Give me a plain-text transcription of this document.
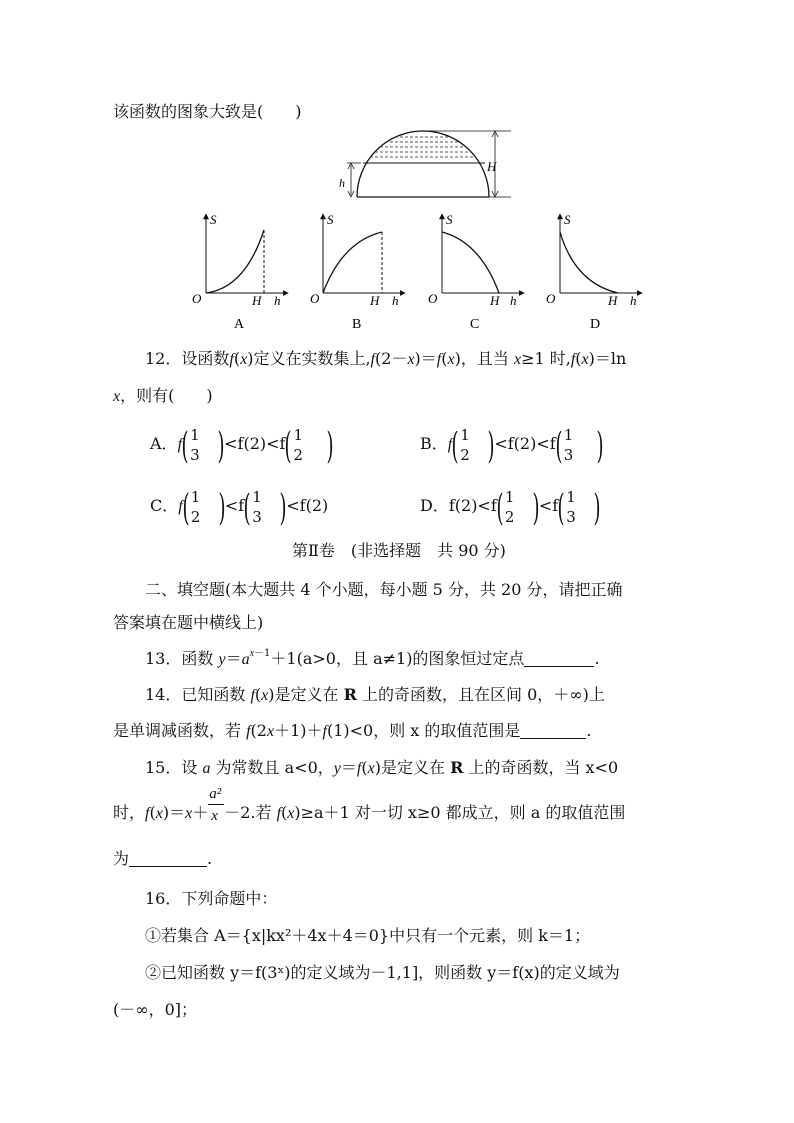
该函数的图象大致是(　　)
h
H
S
O	H h
A
S
O	H h
B
S
O	H h
C
S
O	H h
D
12．设函数f(x)定义在实数集上,f(2－x)＝f(x)，且当 x≥1 时,f(x)＝ln
x，则有(　　)
A．f( 1
3
　 )<f(2)<f( 1
2
　 )	B．f( 1
2
　 )<f(2)<f( 1
3
　 )
C．f( 1
2
　 )<f( 1
3
　 )<f(2)	D．f(2)<f( 1
2
　 )<f( 1
3
　 )
第Ⅱ卷　(非选择题　共 90 分)
二、填空题(本大题共 4 个小题，每小题 5 分，共 20 分，请把正确
答案填在题中横线上)
13．函数 $y=a^{x-1}+1(a>0$，且 a≠1)的图象恒过定点	.
14．已知函数 f(x)是定义在 R 上的奇函数，且在区间 0，＋∞)上
是单调减函数，若 f(2x＋1)＋f(1)<0，则 x 的取值范围是	.
15．设 a 为常数且 a<0，y＝f(x)是定义在 R 上的奇函数，当 x<0
时，$f(x)=x+ \frac{\text{a²}}{x} -2$.若 f(x)≥a＋1 对一切 x≥0 都成立，则 a 的取值范围
为	.
16．下列命题中：
①若集合 A＝{x|kx²＋4x＋4＝0}中只有一个元素，则 k＝1；
②已知函数 y＝f(3ˣ)的定义域为－1,1]，则函数 y＝f(x)的定义域为
(－∞，0]；
